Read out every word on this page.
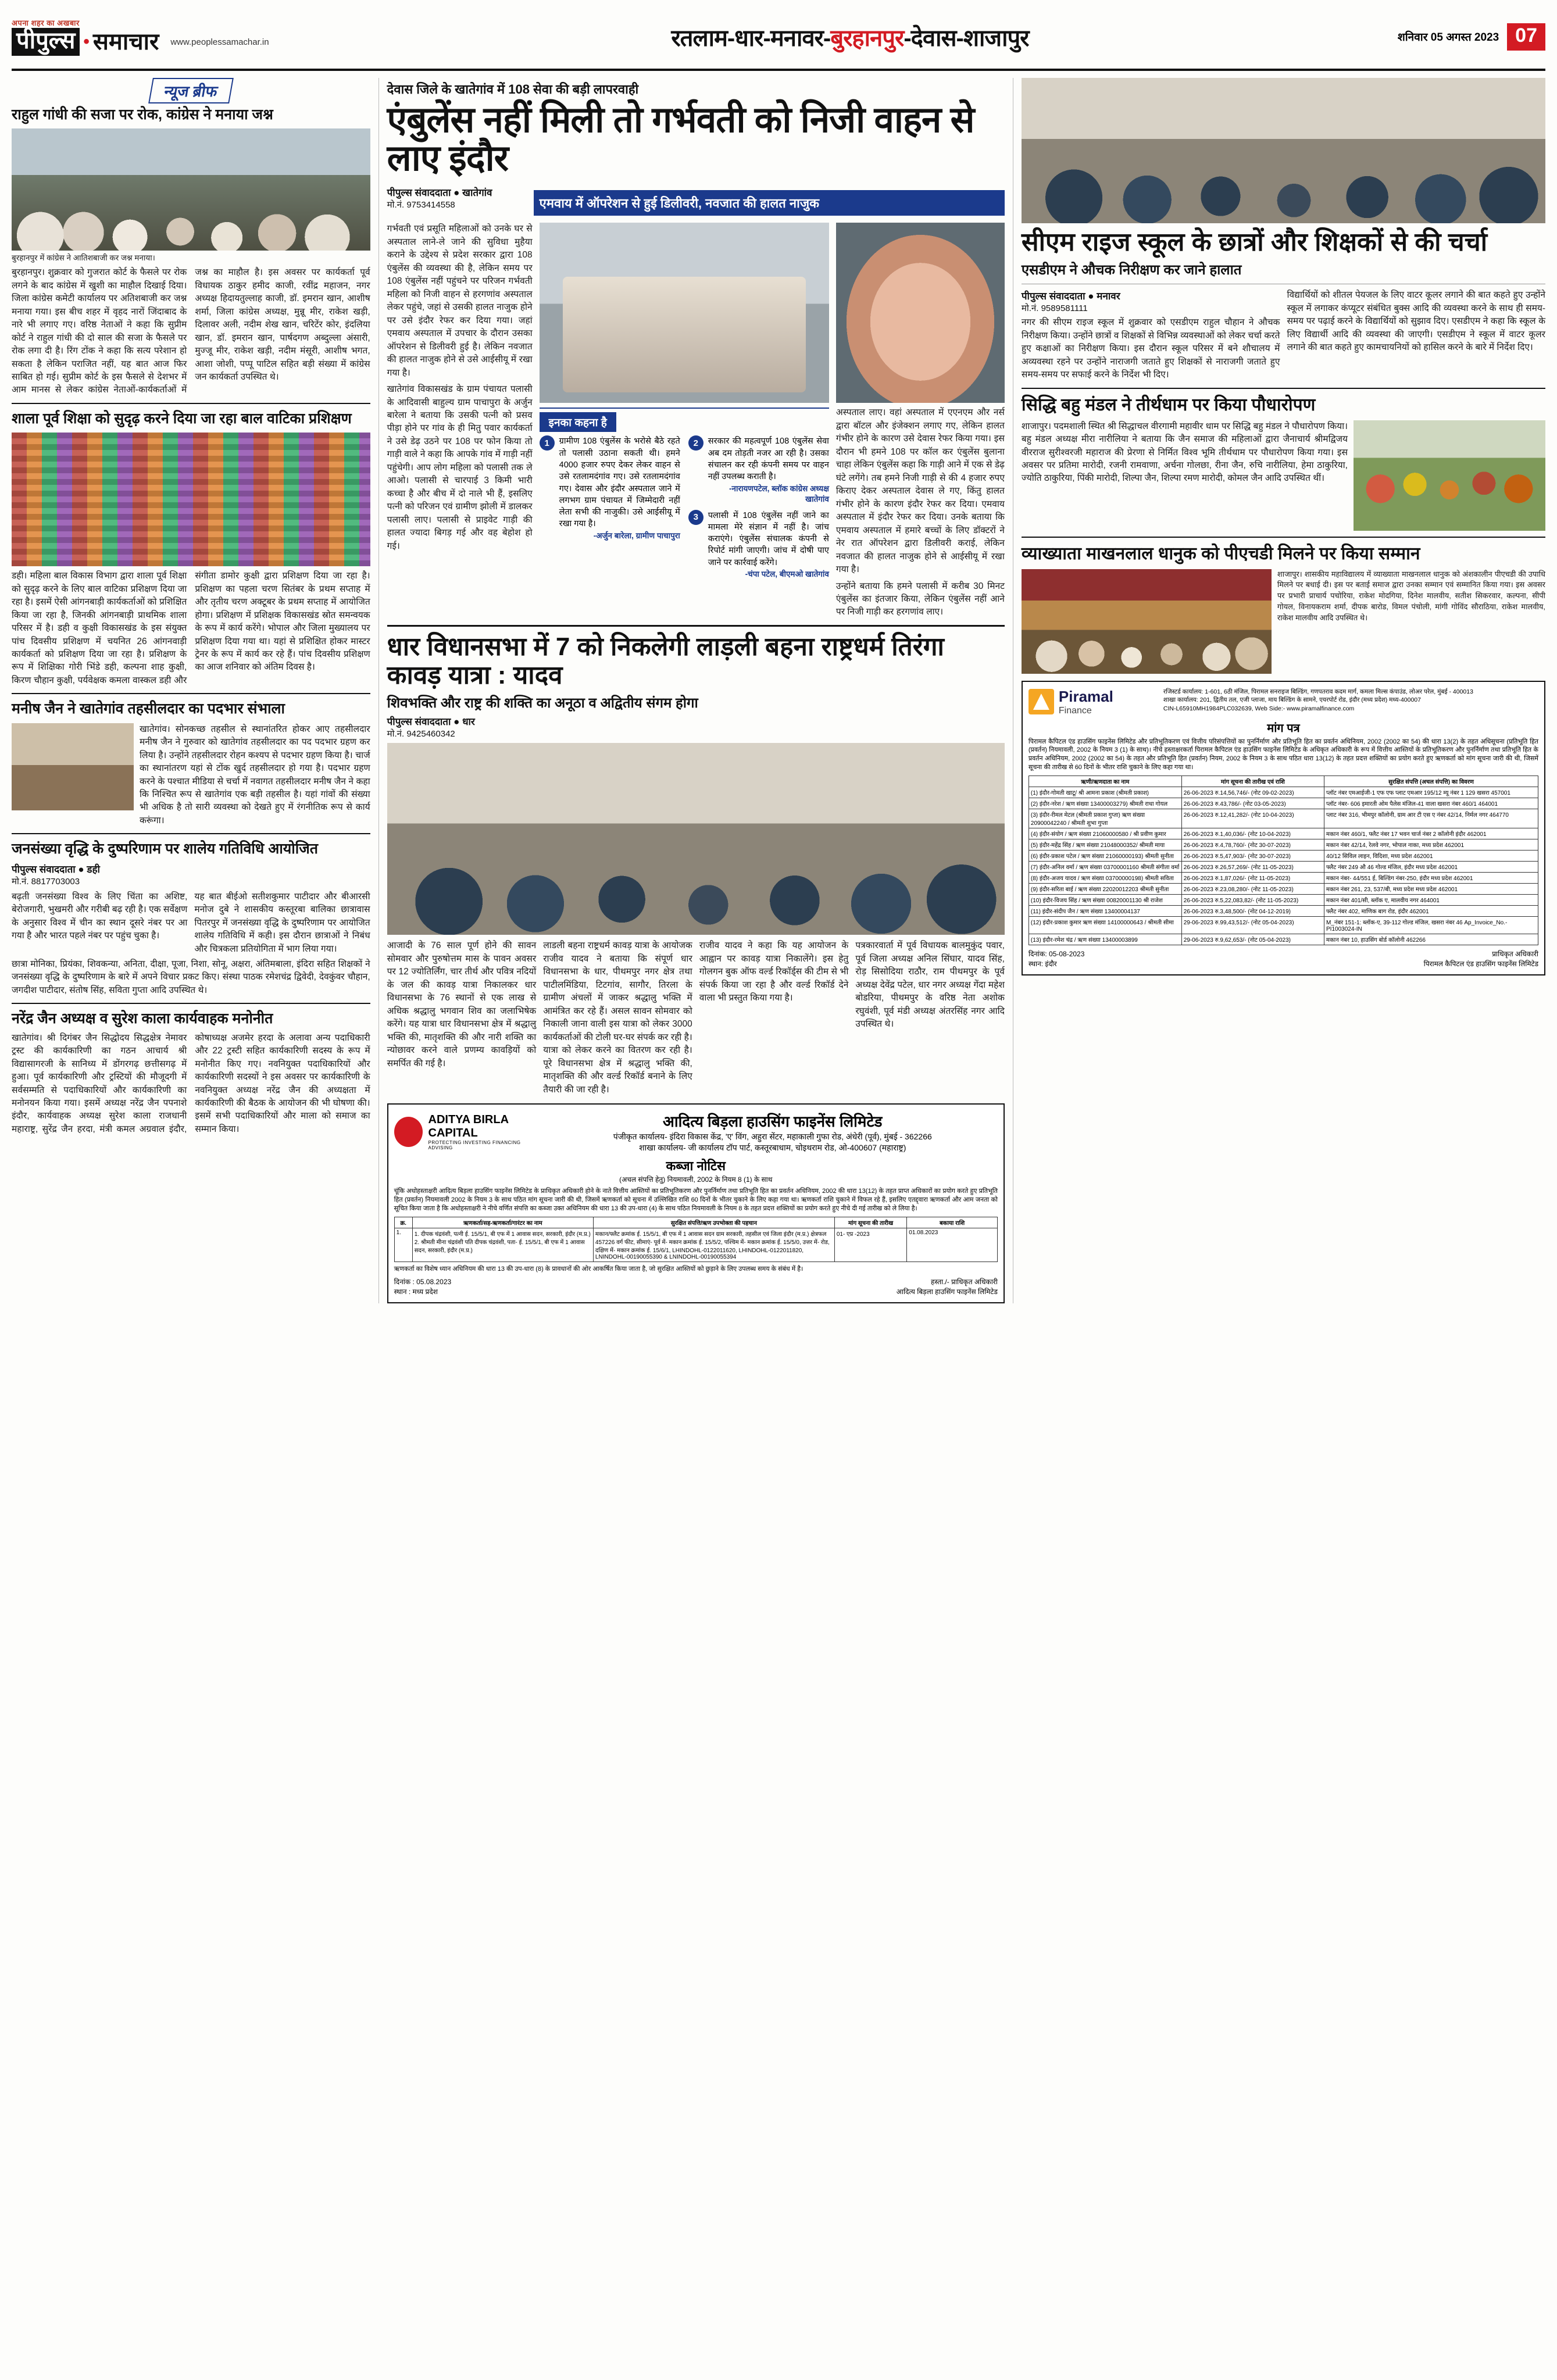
अपना शहर का अखबार
पीपुल्स • समाचार www.peoplessamachar.in	रतलाम-धार-मनावर-बुरहानपुर-देवास-शाजापुर	शनिवार 05 अगस्त 2023 07
न्यूज ब्रीफ
राहुल गांधी की सजा पर रोक, कांग्रेस ने मनाया जश्न
बुरहानपुर में कांग्रेस ने आतिशबाजी कर जश्न मनाया।
बुरहानपुर। शुक्रवार को गुजरात कोर्ट के फैसले पर रोक लगने के बाद कांग्रेस में खुशी का माहौल दिखाई दिया। जिला कांग्रेस कमेटी कार्यालय पर अतिशबाजी कर जश्न मनाया गया। इस बीच शहर में वृहद नारों जिंदाबाद के नारे भी लगाए गए। वरिष्ठ नेताओं ने कहा कि सुप्रीम कोर्ट ने राहुल गांधी की दो साल की सजा के फैसले पर रोक लगा दी है। रिंग टोंक ने कहा कि सत्य परेशान हो सकता है लेकिन पराजित नहीं, यह बात आज फिर साबित हो गई। सुप्रीम कोर्ट के इस फैसले से देशभर में आम मानस से लेकर कांग्रेस नेताओं-कार्यकर्ताओं में जश्न का माहौल है। इस अवसर पर कार्यकर्ता पूर्व विधायक ठाकुर हमीद काजी, रवींद्र महाजन, नगर अध्यक्ष हिदायतुल्लाह काजी, डॉ. इमरान खान, आशीष शर्मा, जिला कांग्रेस अध्यक्ष, मुन्नू मीर, राकेश खड़ी, दिलावर अली, नदीम शेख खान, चरिटेंर कोर, इंदलिया खान, डॉ. इमरान खान, पार्षदगण अब्दुल्ला अंसारी, मुज्जू मीर, राकेश खड़ी, नदीम मंसूरी, आशीष भगत, आशा जोशी, पप्पू पाटिल सहित बड़ी संख्या में कांग्रेस जन कार्यकर्ता उपस्थित थे।
शाला पूर्व शिक्षा को सुदृढ़ करने दिया जा रहा बाल वाटिका प्रशिक्षण
डही। महिला बाल विकास विभाग द्वारा शाला पूर्व शिक्षा को सुदृढ़ करने के लिए बाल वाटिका प्रशिक्षण दिया जा रहा है। इसमें ऐसी आंगनबाड़ी कार्यकर्ताओं को प्रशिक्षित किया जा रहा है, जिनकी आंगनबाड़ी प्राथमिक शाला परिसर में है। डही व कुक्षी विकासखंड के इस संयुक्त पांच दिवसीय प्रशिक्षण में चयनित 26 आंगनवाड़ी कार्यकर्ता को प्रशिक्षण दिया जा रहा है। प्रशिक्षण के रूप में शिक्षिका गोरी भिंडे डही, कल्पना शाह कुक्षी, किरण चौहान कुक्षी, पर्यवेक्षक कमला वास्कल डही और संगीता डामोर कुक्षी द्वारा प्रशिक्षण दिया जा रहा है। प्रशिक्षण का पहला चरण सितंबर के प्रथम सप्ताह में और तृतीय चरण अक्टूबर के प्रथम सप्ताह में आयोजित होगा। प्रशिक्षण में प्रशिक्षक विकासखंड स्रोत समन्वयक के रूप में कार्य करेंगे। भोपाल और जिला मुख्यालय पर प्रशिक्षण दिया गया था। यहां से प्रशिक्षित होकर मास्टर ट्रेनर के रूप में कार्य कर रहे हैं। पांच दिवसीय प्रशिक्षण का आज शनिवार को अंतिम दिवस है।
मनीष जैन ने खातेगांव तहसीलदार का पदभार संभाला
खातेगांव। सोनकच्छ तहसील से स्थानांतरित होकर आए तहसीलदार मनीष जैन ने गुरुवार को खातेगांव तहसीलदार का पद पदभार ग्रहण कर लिया है। उन्होंने तहसीलदार रोहन कश्यप से पदभार ग्रहण किया है। चार्ज का स्थानांतरण यहां से टोंक खुर्द तहसीलदार हो गया है। पदभार ग्रहण करने के पश्चात मीडिया से चर्चा में नवागत तहसीलदार मनीष जैन ने कहा कि निश्चित रूप से खातेगांव एक बड़ी तहसील है। यहां गांवों की संख्या भी अधिक है तो सारी व्यवस्था को देखते हुए में रंगनीतिक रूप से कार्य करूंगा।
जनसंख्या वृद्धि के दुष्परिणाम पर शालेय गतिविधि आयोजित
पीपुल्स संवाददाता ● डही
मो.नं. 8817703003
बढ़ती जनसंख्या विश्व के लिए चिंता का अशिष्ट, बेरोजगारी, भुखमरी और गरीबी बढ़ रही है। एक सर्वेक्षण के अनुसार विश्व में चीन का स्थान दूसरे नंबर पर आ गया है और भारत पहले नंबर पर पहुंच चुका है।
यह बात बीईओ सतीशकुमार पाटीदार और बीआरसी मनोज दुबे ने शासकीय कस्तूरबा बालिका छात्रावास पितरपुर में जनसंख्या वृद्धि के दुष्परिणाम पर आयोजित शालेय गतिविधि में कही। इस दौरान छात्राओं ने निबंध और चित्रकला प्रतियोगिता में भाग लिया गया।
छात्रा मोनिका, प्रियंका, शिवकन्या, अनिता, दीक्षा, पूजा, निशा, सोनू, अक्षरा, अंतिमबाला, इंदिरा सहित शिक्षकों ने जनसंख्या वृद्धि के दुष्परिणाम के बारे में अपने विचार प्रकट किए। संस्था पाठक रमेशचंद्र द्विवेदी, देवकुंवर चौहान, जगदीश पाटीदार, संतोष सिंह, सविता गुप्ता आदि उपस्थित थे।
नरेंद्र जैन अध्यक्ष व सुरेश काला कार्यवाहक मनोनीत
खातेगांव। श्री दिगंबर जैन सिद्धोदय सिद्धक्षेत्र नेमावर ट्रस्ट की कार्यकारिणी का गठन आचार्य श्री विद्यासागरजी के सानिध्य में डोंगरगढ़ छत्तीसगढ़ में हुआ। पूर्व कार्यकारिणी और ट्रस्टियों की मौजूदगी में सर्वसम्मति से पदाधिकारियों और कार्यकारिणी का मनोनयन किया गया। इसमें अध्यक्ष नरेंद्र जैन पपनाशे इंदौर, कार्यवाहक अध्यक्ष सुरेश काला राजधानी महाराष्ट्र, सुरेंद्र जैन हरदा, मंत्री कमल अग्रवाल इंदौर, कोषाध्यक्ष अजमेर हरदा के अलावा अन्य पदाधिकारी और 22 ट्रस्टी सहित कार्यकारिणी सदस्य के रूप में मनोनीत किए गए। नवनियुक्त पदाधिकारियों और कार्यकारिणी सदस्यों ने इस अवसर पर कार्यकारिणी के नवनियुक्त अध्यक्ष नरेंद्र जैन की अध्यक्षता में कार्यकारिणी की बैठक के आयोजन की भी घोषणा की। इसमें सभी पदाधिकारियों और माला को समाज का सम्मान किया।
देवास जिले के खातेगांव में 108 सेवा की बड़ी लापरवाही
एंबुलेंस नहीं मिली तो गर्भवती को निजी वाहन से लाए इंदौर
पीपुल्स संवाददाता ● खातेगांव
मो.नं. 9753414558	एमवाय में ऑपरेशन से हुई डिलीवरी, नवजात की हालत नाजुक
गर्भवती एवं प्रसूति महिलाओं को उनके घर से अस्पताल लाने-ले जाने की सुविधा मुहैया कराने के उद्देश्य से प्रदेश सरकार द्वारा 108 एंबुलेंस की व्यवस्था की है, लेकिन समय पर 108 एंबुलेंस नहीं पहुंचने पर परिजन गर्भवती महिला को निजी वाहन से हरगणांव अस्पताल लेकर पहुंचे, जहां से उसकी हालत नाजुक होने पर उसे इंदौर रेफर कर दिया गया। जहां एमवाय अस्पताल में उपचार के दौरान उसका ऑपरेशन से डिलीवरी हुई है। लेकिन नवजात की हालत नाजुक होने से उसे आईसीयू में रखा गया है।
खातेगांव विकासखंड के ग्राम पंचायत पलासी के आदिवासी बाहुल्य ग्राम पाचापुरा के अर्जुन बारेला ने बताया कि उसकी पत्नी को प्रसव पीड़ा होने पर गांव के ही मितु पवार कार्यकर्ता ने उसे डेढ़ उठने पर 108 पर फोन किया तो गाड़ी वाले ने कहा कि आपके गांव में गाड़ी नहीं पहुंचेगी। आप लोग महिला को पलासी तक ले आओ। पलासी से चारपाई 3 किमी भारी कच्चा है और बीच में दो नाले भी हैं, इसलिए पत्नी को परिजन एवं ग्रामीण झोली में डालकर पलासी लाए। पलासी से प्राइवेट गाड़ी की हालत ज्यादा बिगड़ गई और वह बेहोश हो गई।
इनका कहना है
1	ग्रामीण 108 एंबुलेंस के भरोसे बैठे रहते तो पलासी उठाना सकती थी। हमने 4000 हजार रुपए देकर लेकर वाहन से उसे रतलामदंगांव गए। उसे रतलामदंगांव गए। देवास और इंदौर अस्पताल जाने में लगभग ग्राम पंचायत में जिम्मेदारी नहीं लेता सभी की नाजुकी। उसे आईसीयू में रखा गया है।
-अर्जुन बारेला, ग्रामीण पाचापुरा
2	सरकार की महत्वपूर्ण 108 एंबुलेंस सेवा अब दम तोड़ती नजर आ रही है। उसका संचालन कर रही कंपनी समय पर वाहन नहीं उपलब्ध कराती है।
-नारायणपटेल, ब्लॉक कांग्रेस अध्यक्ष खातेगांव
3	पलासी में 108 एंबुलेंस नहीं जाने का मामला मेरे संज्ञान में नहीं है। जांच कराएंगे। एंबुलेंस संचालक कंपनी से रिपोर्ट मांगी जाएगी। जांच में दोषी पाए जाने पर कार्रवाई करेंगे।
-चंपा पटेल, बीएमओ खातेगांव
अस्पताल लाए। वहां अस्पताल में एएनएम और नर्स द्वारा बॉटल और इंजेक्शन लगाए गए, लेकिन हालत गंभीर होने के कारण उसे देवास रेफर किया गया। इस दौरान भी हमने 108 पर कॉल कर एंबुलेंस बुलाना चाहा लेकिन एंबुलेंस कहा कि गाड़ी आने में एक से डेढ़ घंटे लगेंगे। तब हमने निजी गाड़ी से की 4 हजार रुपए किराए देकर अस्पताल देवास ले गए, किंतु हालत गंभीर होने के कारण इंदौर रेफर कर दिया। एमवाय अस्पताल में इंदौर रेफर कर दिया। उनके बताया कि एमवाय अस्पताल में हमारे बच्चों के लिए डॉक्टरों ने नेर रात ऑपरेशन द्वारा डिलीवरी कराई, लेकिन नवजात की हालत नाजुक होने से आईसीयू में रखा गया है।
उन्होंने बताया कि हमने पलासी में करीब 30 मिनट एंबुलेंस का इंतजार किया, लेकिन एंबुलेंस नहीं आने पर निजी गाड़ी कर हरगणांव लाए।
धार विधानसभा में 7 को निकलेगी लाड़ली बहना राष्ट्रधर्म तिरंगा कावड़ यात्रा : यादव
शिवभक्ति और राष्ट्र की शक्ति का अनूठा व अद्वितीय संगम होगा
पीपुल्स संवाददाता ● धार
मो.नं. 9425460342
आजादी के 76 साल पूर्ण होने की सावन सोमवार और पुरुषोत्तम मास के पावन अवसर पर 12 ज्योतिर्लिंग, चार तीर्थ और पवित्र नदियों के जल की कावड़ यात्रा निकालकर धार विधानसभा के 76 स्थानों से एक लाख से अधिक श्रद्धालु भगवान शिव का जलाभिषेक करेंगे। यह यात्रा धार विधानसभा क्षेत्र में श्रद्धालु भक्ति की, मातृशक्ति की और नारी शक्ति का न्योछावर करने वाले प्रणम्य कावड़ियों को समर्पित की गई है।
लाडली बहना राष्ट्रधर्म कावड़ यात्रा के आयोजक राजीव यादव ने बताया कि संपूर्ण धार विधानसभा के धार, पीथमपुर नगर क्षेत्र तथा पाटीलमिंडिया, टिटगांव, सागौर, तिरला के ग्रामीण अंचलों में जाकर श्रद्धालु भक्ति में आमंत्रित कर रहे हैं। असल सावन सोमवार को निकाली जाना वाली इस यात्रा को लेकर 3000 कार्यकर्ताओं की टोली घर-घर संपर्क कर रही है। यात्रा को लेकर करने का वितरण कर रही है। पूरे विधानसभा क्षेत्र में श्रद्धालु भक्ति की, मातृशक्ति की और वर्ल्ड रिकॉर्ड बनाने के लिए तैयारी की जा रही है।
राजीव यादव ने कहा कि यह आयोजन के आह्वान पर कावड़ यात्रा निकालेंगे। इस हेतु गोलगन बुक ऑफ वर्ल्ड रिकॉर्ड्स की टीम से भी संपर्क किया जा रहा है और वर्ल्ड रिकॉर्ड देने वाला भी प्रस्तुत किया गया है।
पत्रकारवार्ता में पूर्व विधायक बालमुकुंद पवार, पूर्व जिला अध्यक्ष अनिल सिंघार, यादव सिंह, रोड़ सिसोदिया राठौर, राम पीथमपुर के पूर्व अध्यक्ष देवेंद्र पटेल, धार नगर अध्यक्ष गेंदा महेश बोडरिया, पीथमपुर के वरिष्ठ नेता अशोक रघुवंशी, पूर्व मंडी अध्यक्ष अंतरसिंह नगर आदि उपस्थित थे।
ADITYA BIRLA
CAPITAL
PROTECTING INVESTING FINANCING ADVISING
आदित्य बिड़ला हाउसिंग फाइनेंस लिमिटेड
पंजीकृत कार्यालय- इंदिरा विकास केंद्र, 'ए' विंग, अहुरा सेंटर, महाकाली गुफा रोड, अंधेरी (पूर्व), मुंबई - 362266
शाखा कार्यालय- जी कार्यालय टॉप पार्ट, कस्तूरबाधाम, चोइथराम रोड, ओ-400607 (महाराष्ट्र)
कब्जा नोटिस
(अचल संपत्ति हेतु) नियमावली, 2002 के नियम 8 (1) के साथ
चूंकि अधोहस्ताक्षरी आदित्य बिड़ला हाउसिंग फाइनेंस लिमिटेड के प्राधिकृत अधिकारी होने के नाते वित्तीय आस्तियों का प्रतिभूतिकरण और पुनर्निर्माण तथा प्रतिभूति हित का प्रवर्तन अधिनियम, 2002 की धारा 13(12) के तहत प्राप्त अधिकारों का प्रयोग करते हुए प्रतिभूति हित (प्रवर्तन) नियमावली 2002 के नियम 3 के साथ पठित मांग सूचना जारी की थी, जिसमें ऋणकर्ता को सूचना में उल्लिखित राशि 60 दिनों के भीतर चुकाने के लिए कहा गया था। ऋणकर्ता राशि चुकाने में विफल रहे हैं, इसलिए एतद्द्वारा ऋणकर्ता और आम जनता को सूचित किया जाता है कि अधोहस्ताक्षरी ने नीचे वर्णित संपत्ति का कब्जा उक्त अधिनियम की धारा 13 की उप-धारा (4) के साथ पठित नियमावली के नियम 8 के तहत प्रदत्त शक्तियों का प्रयोग करते हुए नीचे दी गई तारीख को ले लिया है।
क्र.	ऋणकर्ता/सह-ऋणकर्ता/गारंटर का नाम	सुरक्षित संपत्ति/ऋण उपभोक्ता की पहचान	मांग सूचना की तारीख	बकाया राशि
1.	1. दीपक चंद्रवंशी, पत्नी ई. 15/5/1, बी एफ में 1 आवास सदन, सरकारी, इंदौर (म.प्र.) 2. श्रीमती मीना चंद्रवंशी पति दीपक चंद्रवंशी, पता- ई. 15/5/1, बी एफ में 1 आवास सदन, सरकारी, इंदौर (म.प्र.)	मकान/फ्लैट क्रमांक ई. 15/5/1, बी एफ में 1 आवास सदन ग्राम सरकारी, तहसील एवं जिला इंदौर (म.प्र.) क्षेत्रफल 457226 वर्ग फीट, सीमाएं- पूर्व में- मकान क्रमांक ई. 15/5/2, पश्चिम में- मकान क्रमांक ई. 15/5/0, उत्तर में- रोड, दक्षिण में- मकान क्रमांक ई. 15/6/1, LHINDOHL-0122011620, LHINDOHL-0122011820, LNINDOHL-00190055390 & LNINDOHL-00190055394	01- एप्र -2023	01.08.2023
ऋणकर्ता का विशेष ध्यान अधिनियम की धारा 13 की उप-धारा (8) के प्रावधानों की ओर आकर्षित किया जाता है, जो सुरक्षित आस्तियों को छुड़ाने के लिए उपलब्ध समय के संबंध में है।
दिनांक : 05.08.2023
स्थान : मध्य प्रदेश
हस्ता./- प्राधिकृत अधिकारी
आदित्य बिड़ला हाउसिंग फाइनेंस लिमिटेड
सीएम राइज स्कूल के छात्रों और शिक्षकों से की चर्चा
एसडीएम ने औचक निरीक्षण कर जाने हालात
पीपुल्स संवाददाता ● मनावर
मो.नं. 9589581111
नगर की सीएम राइज स्कूल में शुक्रवार को एसडीएम राहुल चौहान ने औचक निरीक्षण किया। उन्होंने छात्रों व शिक्षकों से विभिन्न व्यवस्थाओं को लेकर चर्चा करते हुए कक्षाओं का निरीक्षण किया। इस दौरान स्कूल परिसर में बने शौचालय में अव्यवस्था रहने पर उन्होंने नाराजगी जताते हुए शिक्षकों से नाराजगी जताते हुए समय-समय पर सफाई करने के निर्देश भी दिए।
विद्यार्थियों को शीतल पेयजल के लिए वाटर कूलर लगाने की बात कहते हुए उन्होंने स्कूल में लगाकर कंप्यूटर संबंधित बुक्स आदि की व्यवस्था करने के साथ ही समय-समय पर पढ़ाई करने के विद्यार्थियों को सुझाव दिए। एसडीएम ने कहा कि स्कूल के लिए विद्यार्थी आदि की व्यवस्था की जाएगी। एसडीएम ने स्कूल में वाटर कूलर लगाने की बात कहते हुए कामचायनियों को हासिल करने के बारे में निर्देश दिए।
सिद्धि बहु मंडल ने तीर्थधाम पर किया पौधारोपण
शाजापुर। पदमशाली स्थित श्री सिद्धाचल वीरगामी महावीर धाम पर सिद्धि बहु मंडल ने पौधारोपण किया। बहु मंडल अध्यक्ष मीरा नारीलिया ने बताया कि जैन समाज की महिलाओं द्वारा जैनाचार्य श्रीमद्विजय वीरराज सुरीश्वरजी महाराज की प्रेरणा से निर्मित विश्व भूमि तीर्थधाम पर पौधारोपण किया गया। इस अवसर पर प्रतिमा मारोदी, रजनी रामवाणा, अर्चना गोलछा, रीना जैन, रुचि नारीलिया, हेमा ठाकुरिया, ज्योति ठाकुरिया, पिंकी मारोदी, शिल्पा जैन, शिल्पा रमण मारोदी, कोमल जैन आदि उपस्थित थीं।
व्याख्याता माखनलाल धानुक को पीएचडी मिलने पर किया सम्मान
शाजापुर। शासकीय महाविद्यालय में व्याख्याता माखनलाल धानुक को अंशकालीन पीएचडी की उपाधि मिलने पर बधाई दी। इस पर बताई समाज द्वारा उनका सम्मान एवं सम्मानित किया गया। इस अवसर पर प्रभारी प्राचार्य पचोरिया, राकेश मोदगिया, दिनेश मालवीय, सतीश सिकरवार, कल्पना, सीपी गोयल, विनायकराम शर्मा, दीपक बारोड, विमल पंचोली, मांगी गोविंद सौराठिया, राकेश मालवीय, राकेश मालवीय आदि उपस्थित थे।
Piramal
Finance
रजिस्टर्ड कार्यालय: 1-601, 6ठी मंजिल, पिरामल सनराइज बिल्डिंग, गणपतराव कदम मार्ग, कमला मिल्स कंपाउंड, लोअर परेल, मुंबई - 400013
शाखा कार्यालय: 201, द्वितीय तल, एजी प्लाजा, माय बिल्डिंग के सामने, एयरपोर्ट रोड, इंदौर (मध्य प्रदेश) मध्य-400007
CIN-L65910MH1984PLC032639, Web Side:- www.piramalfinance.com
मांग पत्र
पिरामल कैपिटल एंड हाउसिंग फाइनेंस लिमिटेड और प्रतिभूतिकरण एवं वित्तीय परिसंपत्तियों का पुनर्निर्माण और प्रतिभूति हित का प्रवर्तन अधिनियम, 2002 (2002 का 54) की धारा 13(2) के तहत अधिसूचना (प्रतिभूति हित (प्रवर्तन) नियमावली, 2002 के नियम 3 (1) के साथ)। नीचे हस्ताक्षरकर्ता पिरामल कैपिटल एंड हाउसिंग फाइनेंस लिमिटेड के अधिकृत अधिकारी के रूप में वित्तीय आस्तियों के प्रतिभूतिकरण और पुनर्निर्माण तथा प्रतिभूति हित के प्रवर्तन अधिनियम, 2002 (2002 का 54) के तहत और प्रतिभूति हित (प्रवर्तन) नियम, 2002 के नियम 3 के साथ पठित धारा 13(12) के तहत प्रदत्त शक्तियों का प्रयोग करते हुए ऋणकर्ता को मांग सूचना जारी की थी, जिसमें सूचना की तारीख से 60 दिनों के भीतर राशि चुकाने के लिए कहा गया था।
ऋणी/ऋणदाता का नाम	मांग सूचना की तारीख एवं राशि	सुरक्षित संपत्ति (अचल संपत्ति) का विवरण
(1) इंदौर-गोमती खाटू/ श्री आमना प्रकाश (श्रीमती प्रकाश)	26-06-2023 रु.14,56,746/- (नोट 09-02-2023)	प्लॉट नंबर एमआईजी-1 एफ एफ प्लाट एमआर 195/12 म्यू नंबर 1 129 खसरा 457001
(2) इंदौर-नरेश / ऋण संख्या 13400003279) श्रीमती राधा गोयल	26-06-2023 रु.43,786/- (नोट 03-05-2023)	प्लॉट नंबर- 606 इमारती ओम पैलेस मंजिल-41 वाला खसरा नंबर 460/1 464001
(3) इंदौर-रीमल मेटल (श्रीमती प्रकाश गुप्ता) ऋण संख्या 20900042240 / श्रीमती शुभा गुप्ता	26-06-2023 रु.12,41,282/- (नोट 10-04-2023)	प्लाट नंबर 316, भीमपुर कॉलोनी, ग्राम आर टी एस ए नंबर 42/14, निर्मल नगर 464770
(4) इंदौर-संयोग / ऋण संख्या 21060000580 / श्री प्रवीण कुमार	26-06-2023 रु.1,40,036/- (नोट 10-04-2023)	मकान नंबर 460/1, फ्लैट नंबर 17 भवन चार्ज नंबर 2 कॉलोनी इंदौर 462001
(5) इंदौर-महेंद्र सिंह / ऋण संख्या 21048000352/ श्रीमती माया	26-06-2023 रु.4,78,760/- (नोट 30-07-2023)	मकान नंबर 42/14, रेलवे नगर, भोपाल नाका, मध्य प्रदेश 462001
(6) इंदौर-प्रकाश पटेल / ऋण संख्या 21060000193) श्रीमती सुनीता	26-06-2023 रु.5,47,903/- (नोट 30-07-2023)	40/12 सिविल लाइन, विदिशा, मध्य प्रदेश 462001
(7) इंदौर-अनिल वर्मा / ऋण संख्या 03700001160 श्रीमती संगीता वर्मा	26-06-2023 रु.26,57,269/- (नोट 11-05-2023)	फ्लैट नंबर 249 औ 46 गोल्ड मंजिल, इंदौर मध्य प्रदेश 462001
(8) इंदौर-अजय यादव / ऋण संख्या 03700000198) श्रीमती सविता	26-06-2023 रु.1,87,026/- (नोट 11-05-2023)	मकान नंबर- 44/551 ई, बिल्डिंग नंबर-250, इंदौर मध्य प्रदेश 462001
(9) इंदौर-सरिता बाई / ऋण संख्या 22020012203 श्रीमती सुनीता	26-06-2023 रु.23,08,280/- (नोट 11-05-2023)	मकान नंबर 261, 23, 537/बी, मध्य प्रदेश मध्य प्रदेश 462001
(10) इंदौर-विजय सिंह / ऋण संख्या 00820001130 श्री राजेश	26-06-2023 रु.5,22,083,82/- (नोट 11-05-2023)	मकान नंबर 401/सी, ब्लॉक ए, मालवीय नगर 464001
(11) इंदौर-संदीप जैन / ऋण संख्या 13400004137	26-06-2023 रु.3,48,500/- (नोट 04-12-2019)	फ्लैट नंबर 402, माणिक बाग रोड, इंदौर 462001
(12) इंदौर-प्रकाश कुमार ऋण संख्या 14100000643 / श्रीमती सीमा	29-06-2023 रु.99,43,512/- (नोट 05-04-2023)	M_नंबर 151-1: ब्लॉक-ए, 39-112 गोल्ड मंजिल, खसरा नंबर 46 Ap_Invoice_No.- PI1003024-IN
(13) इंदौर-रमेश चंद्र / ऋण संख्या 13400003899	29-06-2023 रु.9,62,653/- (नोट 05-04-2023)	मकान नंबर 10, हाउसिंग बोर्ड कॉलोनी 462266
दिनांक: 05-08-2023
स्थान: इंदौर
प्राधिकृत अधिकारी
पिरामल कैपिटल एंड हाउसिंग फाइनेंस लिमिटेड
